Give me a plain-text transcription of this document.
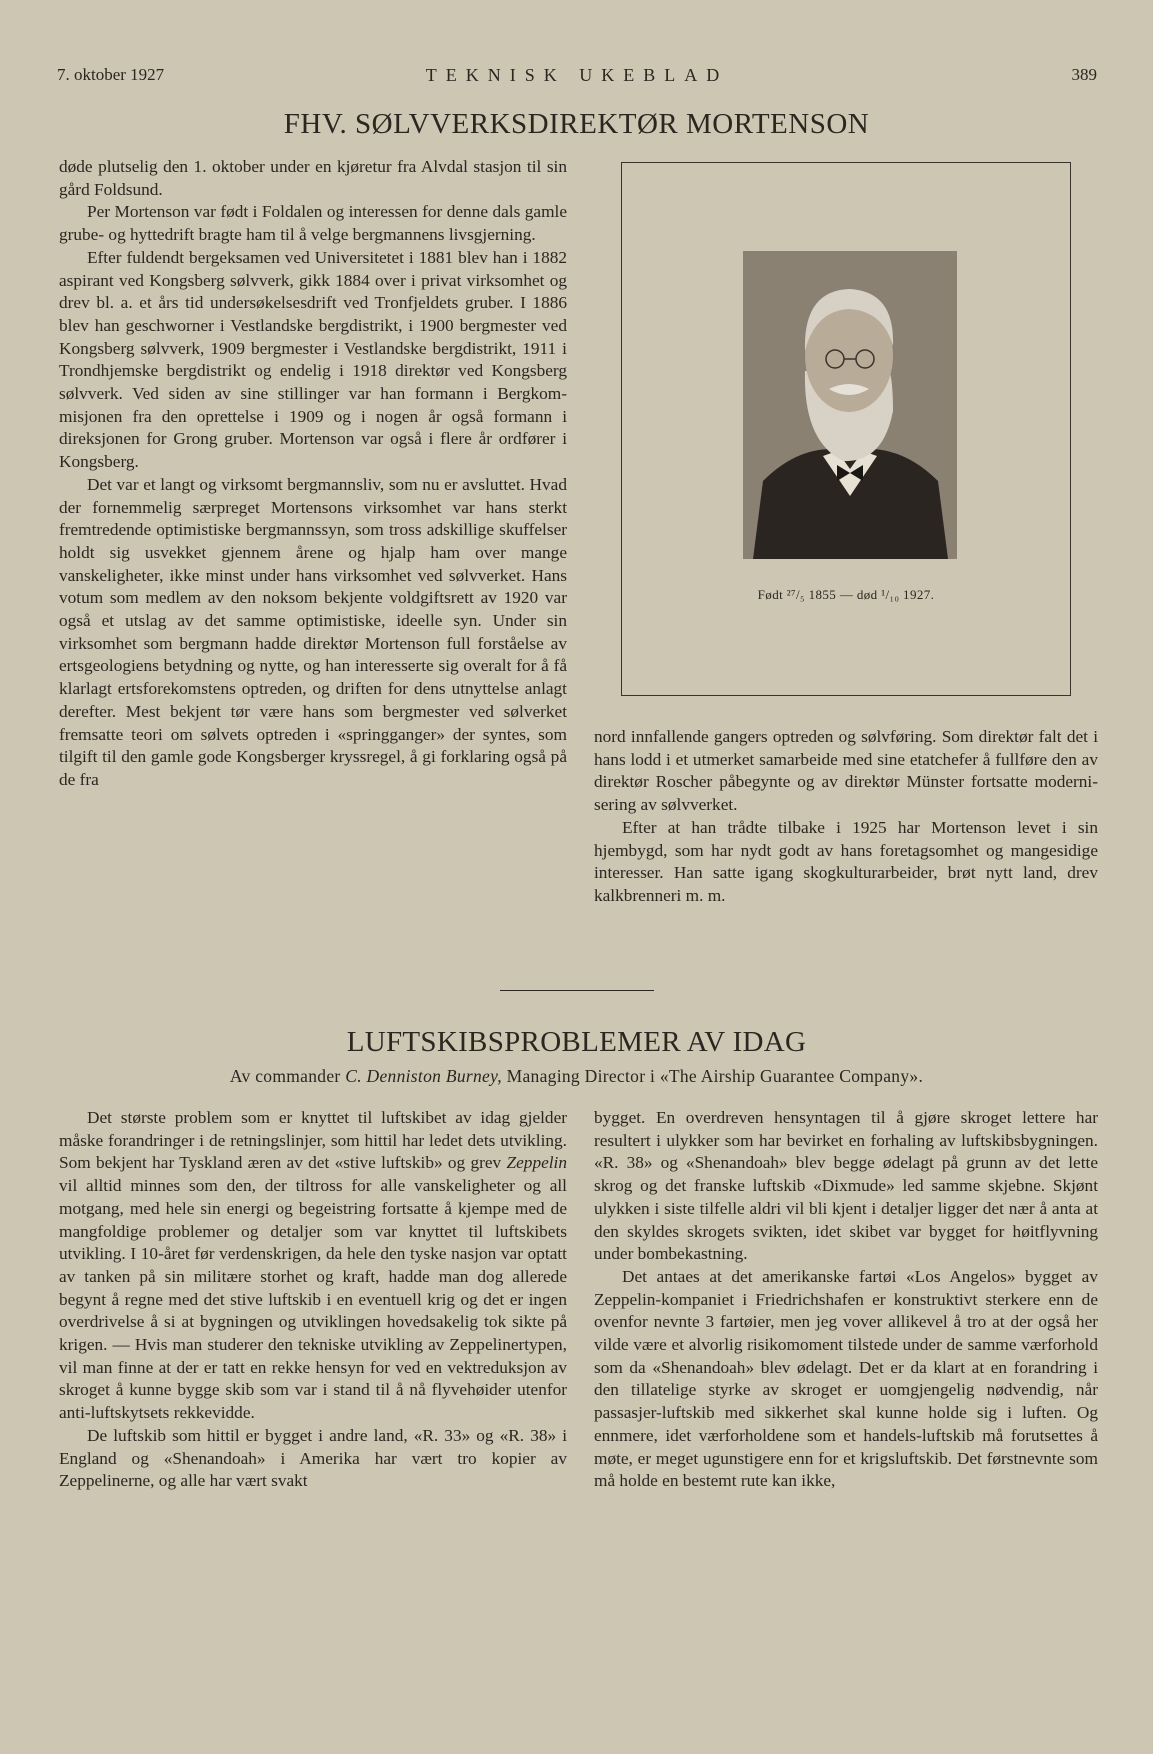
7. oktober 1927	TEKNISK UKEBLAD	389
FHV. SØLVVERKSDIREKTØR MORTENSON

døde plutselig den 1. oktober under en kjøretur fra Alvdal stasjon til sin gård Foldsund.

Per Mortenson var født i Foldalen og interessen for denne dals gamle grube- og hyttedrift bragte ham til å velge bergmannens livsgjerning.

Efter fuldendt bergeksamen ved Universitetet i 1881 blev han i 1882 aspirant ved Kongsberg sølvverk, gikk 1884 over i privat virksomhet og drev bl. a. et års tid undersøkelsesdrift ved Tronfjeldets gruber. I 1886 blev han geschworner i Vestlandske bergdistrikt, i 1900 bergmester ved Kongsberg sølvverk, 1909 bergmester i Vestlandske bergdistrikt, 1911 i Trondhjemske bergdistrikt og endelig i 1918 direktør ved Kongsberg sølvverk. Ved siden av sine stillinger var han formann i Bergkommisjonen fra den oprettelse i 1909 og i nogen år også formann i direksjonen for Grong gruber. Mortenson var også i flere år ordfører i Kongsberg.

Det var et langt og virksomt bergmannsliv, som nu er avsluttet. Hvad der fornemmelig særpreget Mortensons virksomhet var hans sterkt fremtredende optimistiske bergmannssyn, som tross adskillige skuffelser holdt sig usvekket gjennem årene og hjalp ham over mange vanskeligheter, ikke minst under hans virksomhet ved sølvverket. Hans votum som medlem av den noksom bekjente voldgiftsrett av 1920 var også et utslag av det samme optimistiske, ideelle syn. Under sin virksomhet som bergmann hadde direktør Mortenson full forståelse av ertsgeologiens betydning og nytte, og han interesserte sig overalt for å få klarlagt ertsforekomstens optreden, og driften for dens utnyttelse anlagt derefter. Mest bekjent tør være hans som bergmester ved sølverket fremsatte teori om sølvets optreden i «springganger» der syntes, som tilgift til den gamle gode Kongsberger kryssregel, å gi forklaring også på de fra

Født ²⁷/₅ 1855 — død ¹/₁₀ 1927.

nord innfallende gangers optreden og sølvføring. Som direktør falt det i hans lodd i et utmerket samarbeide med sine etatchefer å fullføre den av direktør Roscher påbegynte og av direktør Münster fortsatte modernisering av sølvverket.

Efter at han trådte tilbake i 1925 har Mortenson levet i sin hjembygd, som har nydt godt av hans foretagsomhet og mangesidige interesser. Han satte igang skogkulturarbeider, brøt nytt land, drev kalkbrenneri m. m.

LUFTSKIBSPROBLEMER AV IDAG
Av commander C. Denniston Burney, Managing Director i «The Airship Guarantee Company».

Det største problem som er knyttet til luftskibet av idag gjelder måske forandringer i de retningslinjer, som hittil har ledet dets utvikling. Som bekjent har Tyskland æren av det «stive luftskib» og grev Zeppelin vil alltid minnes som den, der tiltross for alle vanskeligheter og all motgang, med hele sin energi og begeistring fortsatte å kjempe med de mangfoldige problemer og detaljer som var knyttet til luftskibets utvikling. I 10-året før verdenskrigen, da hele den tyske nasjon var optatt av tanken på sin militære storhet og kraft, hadde man dog allerede begynt å regne med det stive luftskib i en eventuell krig og det er ingen overdrivelse å si at bygningen og utviklingen hovedsakelig tok sikte på krigen. — Hvis man studerer den tekniske utvikling av Zeppelinertypen, vil man finne at der er tatt en rekke hensyn for ved en vektreduksjon av skroget å kunne bygge skib som var i stand til å nå flyvehøider utenfor anti-luftskytsets rekkevidde.

De luftskib som hittil er bygget i andre land, «R. 33» og «R. 38» i England og «Shenandoah» i Amerika har vært tro kopier av Zeppelinerne, og alle har vært svakt

bygget. En overdreven hensyntagen til å gjøre skroget lettere har resultert i ulykker som har bevirket en forhaling av luftskibsbygningen. «R. 38» og «Shenandoah» blev begge ødelagt på grunn av det lette skrog og det franske luftskib «Dixmude» led samme skjebne. Skjønt ulykken i siste tilfelle aldri vil bli kjent i detaljer ligger det nær å anta at den skyldes skrogets svikten, idet skibet var bygget for høitflyvning under bombekastning.

Det antaes at det amerikanske fartøi «Los Angelos» bygget av Zeppelin-kompaniet i Friedrichshafen er konstruktivt sterkere enn de ovenfor nevnte 3 fartøier, men jeg vover allikevel å tro at der også her vilde være et alvorlig risikomoment tilstede under de samme værforhold som da «Shenandoah» blev ødelagt. Det er da klart at en forandring i den tillatelige styrke av skroget er uomgjengelig nødvendig, når passasjer-luftskib med sikkerhet skal kunne holde sig i luften. Og ennmere, idet værforholdene som et handels-luftskib må forutsettes å møte, er meget ugunstigere enn for et krigsluftskib. Det førstnevnte som må holde en bestemt rute kan ikke,
